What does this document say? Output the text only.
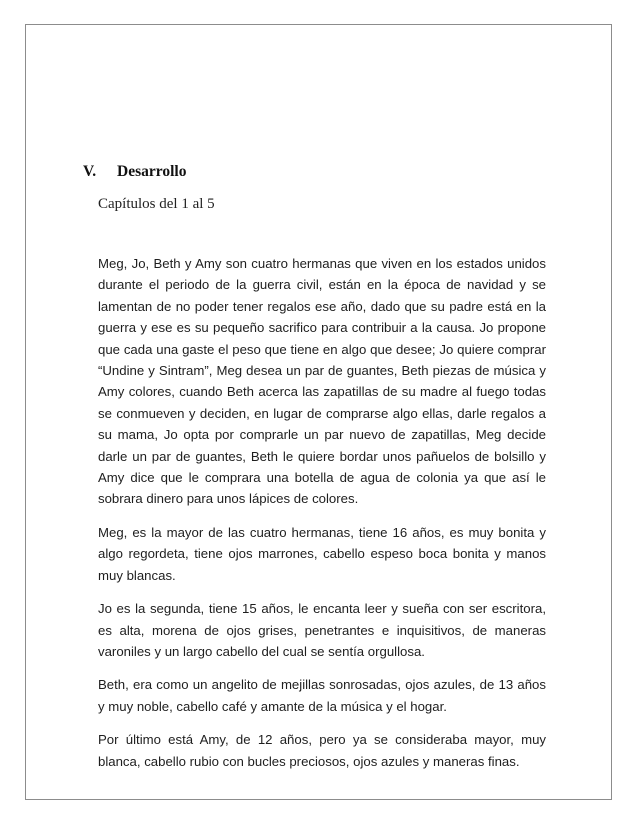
V.	Desarrollo
Capítulos del 1 al 5

Meg, Jo, Beth y Amy son cuatro hermanas que viven en los estados unidos durante el periodo de la guerra civil, están en la época de navidad y se lamentan de no poder tener regalos ese año, dado que su padre está en la guerra y ese es su pequeño sacrifico para contribuir a la causa. Jo propone que cada una gaste el peso que tiene en algo que desee; Jo quiere comprar “Undine y Sintram”, Meg desea un par de guantes, Beth piezas de música y Amy colores, cuando Beth acerca las zapatillas de su madre al fuego todas se conmueven y deciden, en lugar de comprarse algo ellas, darle regalos a su mama, Jo opta por comprarle un par nuevo de zapatillas, Meg decide darle un par de guantes, Beth le quiere bordar unos pañuelos de bolsillo y Amy dice que le comprara una botella de agua de colonia ya que así le sobrara dinero para unos lápices de colores.

Meg, es la mayor de las cuatro hermanas, tiene 16 años, es muy bonita y algo regordeta, tiene ojos marrones, cabello espeso boca bonita y manos muy blancas.

Jo es la segunda, tiene 15 años, le encanta leer y sueña con ser escritora, es alta, morena de ojos grises, penetrantes e inquisitivos, de maneras varoniles y un largo cabello del cual se sentía orgullosa.

Beth, era como un angelito de mejillas sonrosadas, ojos azules, de 13 años y muy noble, cabello café y amante de la música y el hogar.

Por último está Amy, de 12 años, pero ya se consideraba mayor, muy blanca, cabello rubio con bucles preciosos, ojos azules y maneras finas.
